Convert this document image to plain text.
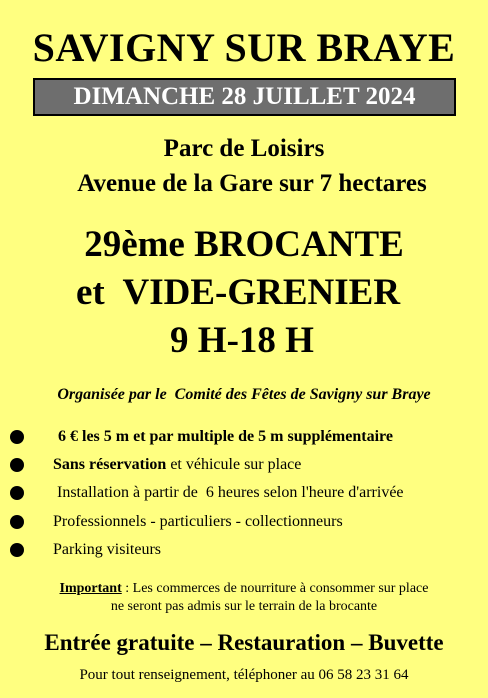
SAVIGNY SUR BRAYE
DIMANCHE 28 JUILLET 2024
Parc de Loisirs
Avenue de la Gare sur 7 hectares
29ème BROCANTE
et  VIDE-GRENIER
9 H-18 H
Organisée par le  Comité des Fêtes de Savigny sur Braye
6 € les 5 m et par multiple de 5 m supplémentaire
Sans réservation et véhicule sur place
Installation à partir de  6 heures selon l'heure d'arrivée
Professionnels - particuliers - collectionneurs
Parking visiteurs
Important : Les commerces de nourriture à consommer sur place
ne seront pas admis sur le terrain de la brocante
Entrée gratuite – Restauration – Buvette
Pour tout renseignement, téléphoner au 06 58 23 31 64
